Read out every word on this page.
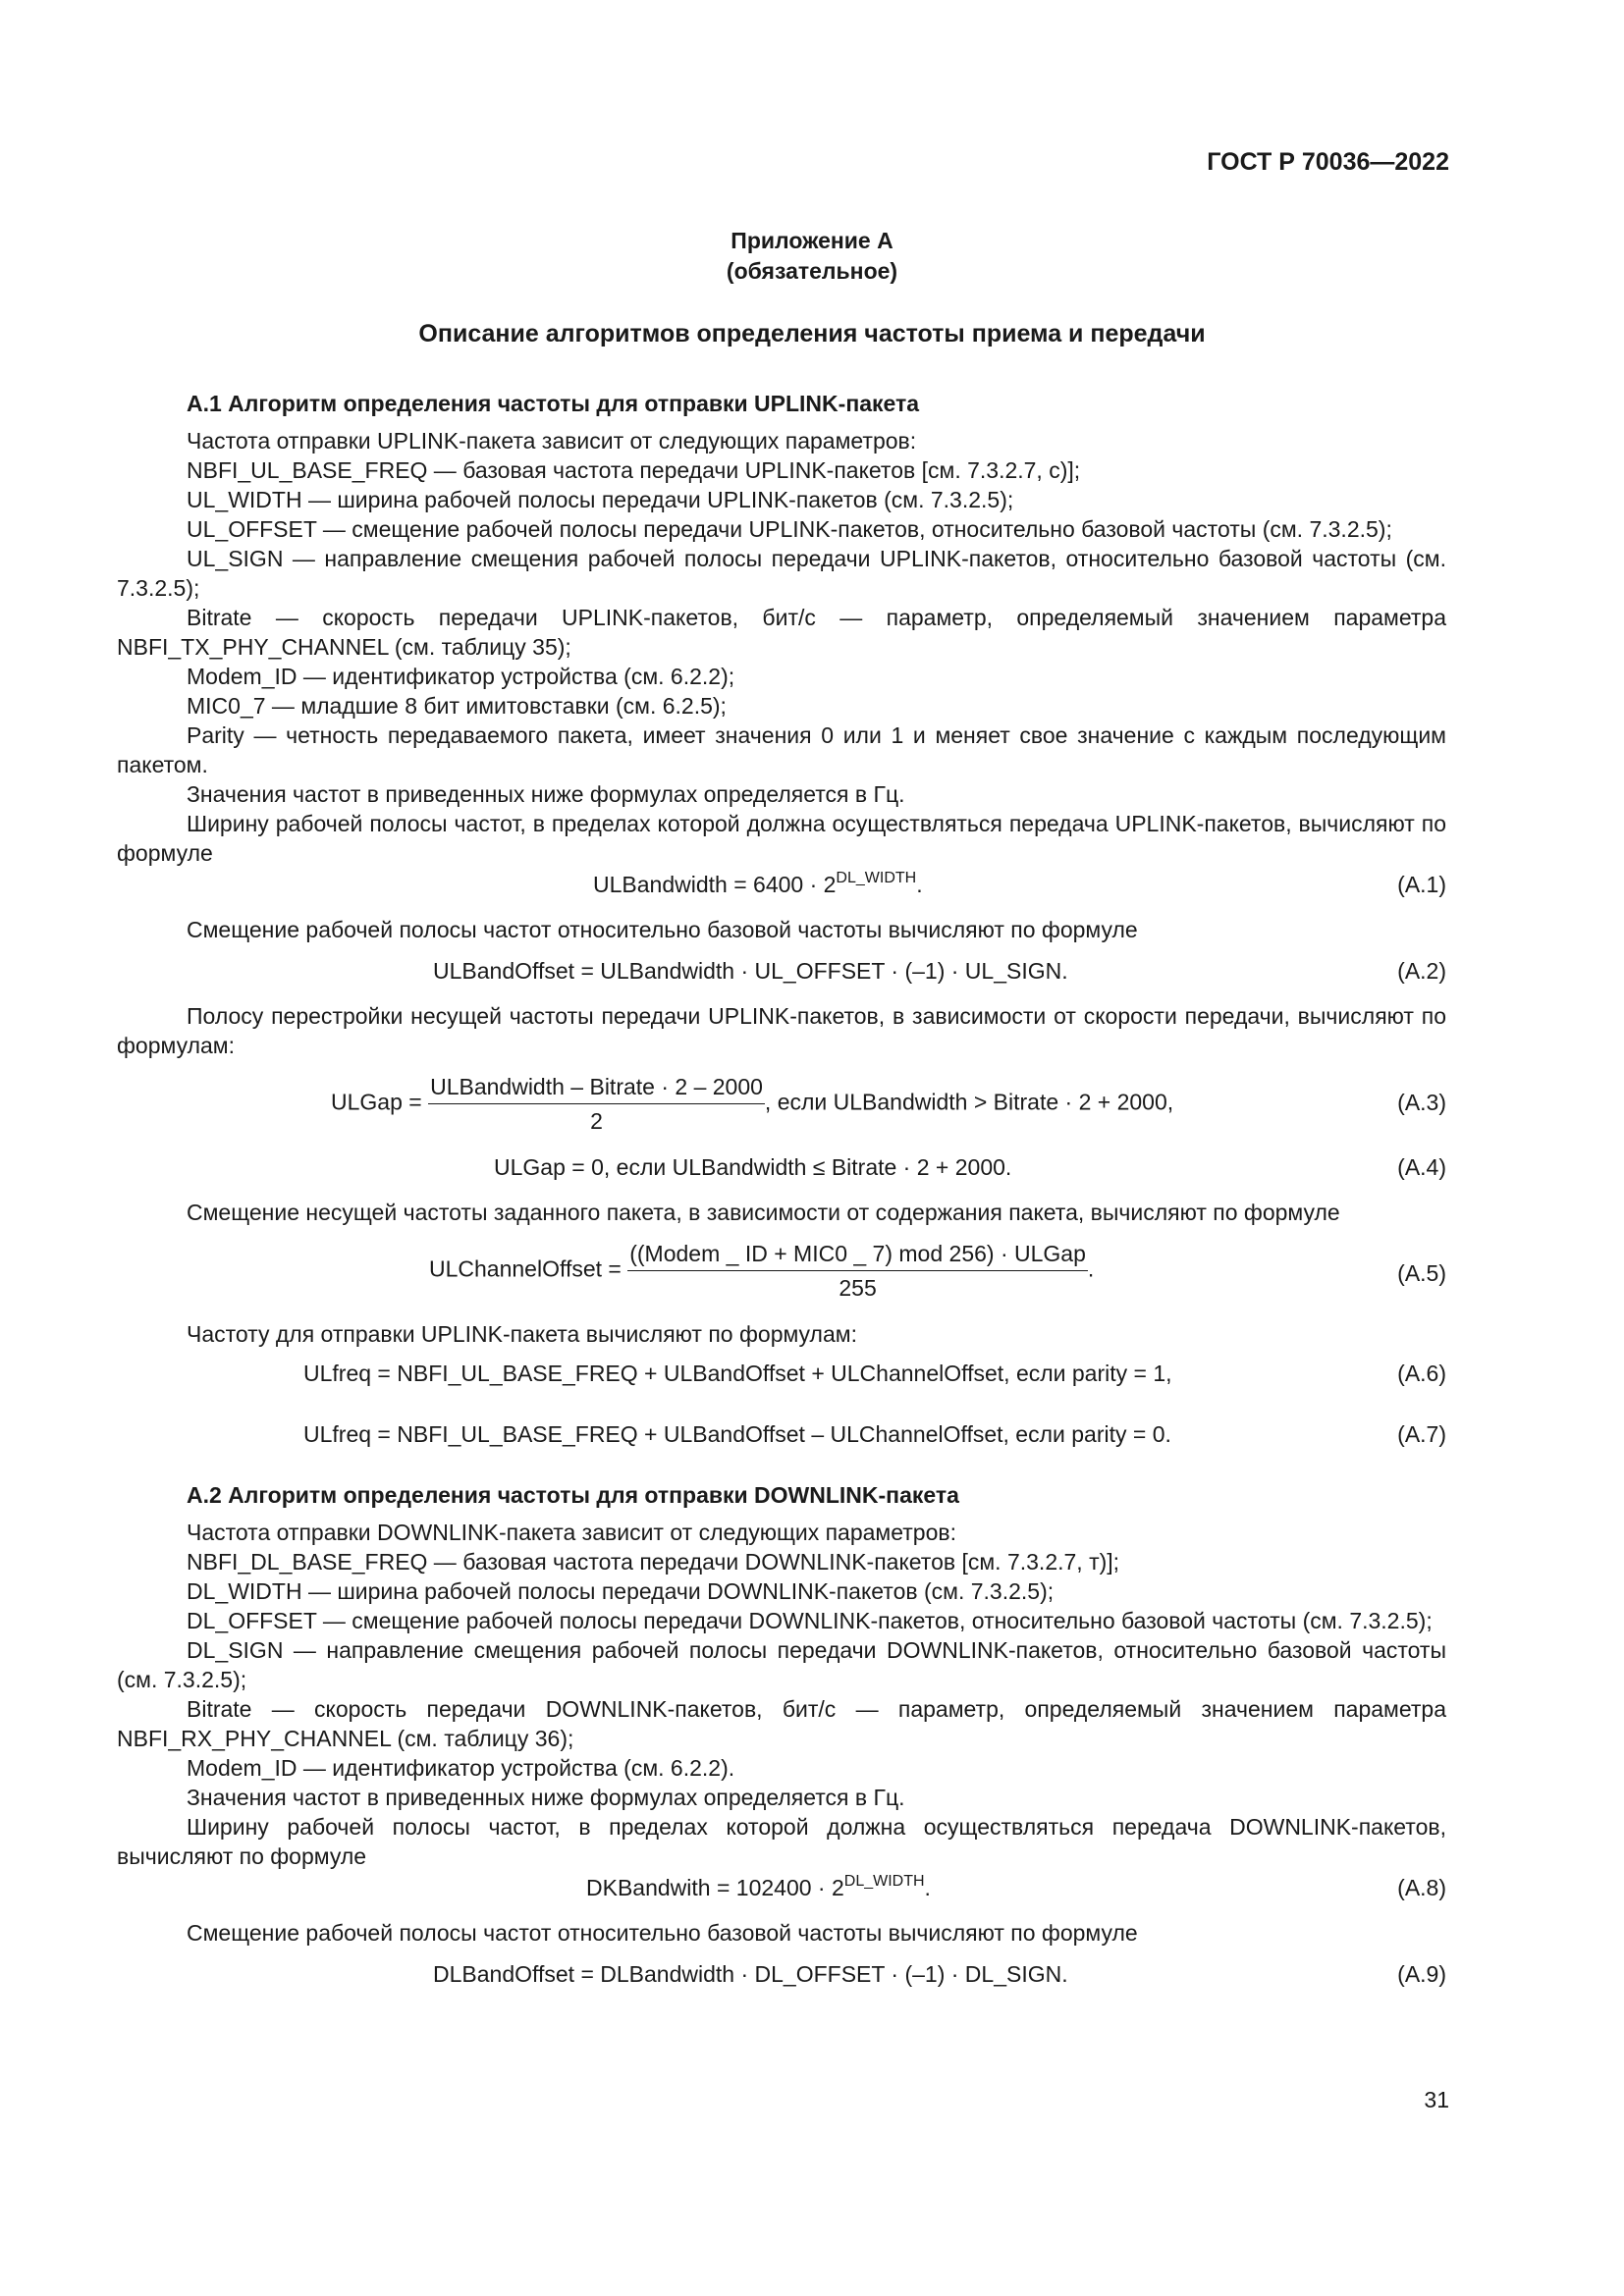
ГОСТ Р 70036—2022
Приложение А
(обязательное)
Описание алгоритмов определения частоты приема и передачи
А.1 Алгоритм определения частоты для отправки UPLINK-пакета

Частота отправки UPLINK-пакета зависит от следующих параметров:

NBFI_UL_BASE_FREQ — базовая частота передачи UPLINK-пакетов [см. 7.3.2.7, с)];

UL_WIDTH — ширина рабочей полосы передачи UPLINK-пакетов (см. 7.3.2.5);

UL_OFFSET — смещение рабочей полосы передачи UPLINK-пакетов, относительно базовой частоты (см. 7.3.2.5);

UL_SIGN — направление смещения рабочей полосы передачи UPLINK-пакетов, относительно базовой частоты (см. 7.3.2.5);

Bitrate — скорость передачи UPLINK-пакетов, бит/с — параметр, определяемый значением параметра NBFI_TX_PHY_CHANNEL (см. таблицу 35);

Modem_ID — идентификатор устройства (см. 6.2.2);

MIC0_7 — младшие 8 бит имитовставки (см. 6.2.5);

Parity — четность передаваемого пакета, имеет значения 0 или 1 и меняет свое значение с каждым последующим пакетом.

Значения частот в приведенных ниже формулах определяется в Гц.

Ширину рабочей полосы частот, в пределах которой должна осуществляться передача UPLINK-пакетов, вычисляют по формуле

ULBandwidth = $6400 \cdot 2^{DL\_WIDTH}$.	(A.1)

Смещение рабочей полосы частот относительно базовой частоты вычисляют по формуле

ULBandOffset = ULBandwidth · UL_OFFSET · (–1) · UL_SIGN.	(A.2)

Полосу перестройки несущей частоты передачи UPLINK-пакетов, в зависимости от скорости передачи, вычисляют по формулам:

ULGap = $\frac{\text{ULBandwidth – Bitrate · 2 – 2000}}{2}$ , если ULBandwidth > Bitrate · 2 + 2000,	(A.3)
ULGap = 0, если ULBandwidth ≤ Bitrate · 2 + 2000.	(A.4)

Смещение несущей частоты заданного пакета, в зависимости от содержания пакета, вычисляют по формуле

ULChannelOffset = $\frac{\text{((Modem \_ ID + MIC0 \_ 7) mod 256) · ULGap}}{255}$ .	(A.5)

Частоту для отправки UPLINK-пакета вычисляют по формулам:

ULfreq = NBFI_UL_BASE_FREQ + ULBandOffset + ULChannelOffset, если parity = 1,	(A.6)
ULfreq = NBFI_UL_BASE_FREQ + ULBandOffset – ULChannelOffset, если parity = 0.	(A.7)
А.2 Алгоритм определения частоты для отправки DOWNLINK-пакета

Частота отправки DOWNLINK-пакета зависит от следующих параметров:

NBFI_DL_BASE_FREQ — базовая частота передачи DOWNLINK-пакетов [см. 7.3.2.7, т)];

DL_WIDTH — ширина рабочей полосы передачи DOWNLINK-пакетов (см. 7.3.2.5);

DL_OFFSET — смещение рабочей полосы передачи DOWNLINK-пакетов, относительно базовой частоты (см. 7.3.2.5);

DL_SIGN — направление смещения рабочей полосы передачи DOWNLINK-пакетов, относительно базовой частоты (см. 7.3.2.5);

Bitrate — скорость передачи DOWNLINK-пакетов, бит/с — параметр, определяемый значением параметра NBFI_RX_PHY_CHANNEL (см. таблицу 36);

Modem_ID — идентификатор устройства (см. 6.2.2).

Значения частот в приведенных ниже формулах определяется в Гц.

Ширину рабочей полосы частот, в пределах которой должна осуществляться передача DOWNLINK-пакетов, вычисляют по формуле

DKBandwith = $102400 \cdot 2^{DL\_WIDTH}$.	(A.8)

Смещение рабочей полосы частот относительно базовой частоты вычисляют по формуле

DLBandOffset = DLBandwidth · DL_OFFSET · (–1) · DL_SIGN.	(A.9)
31
